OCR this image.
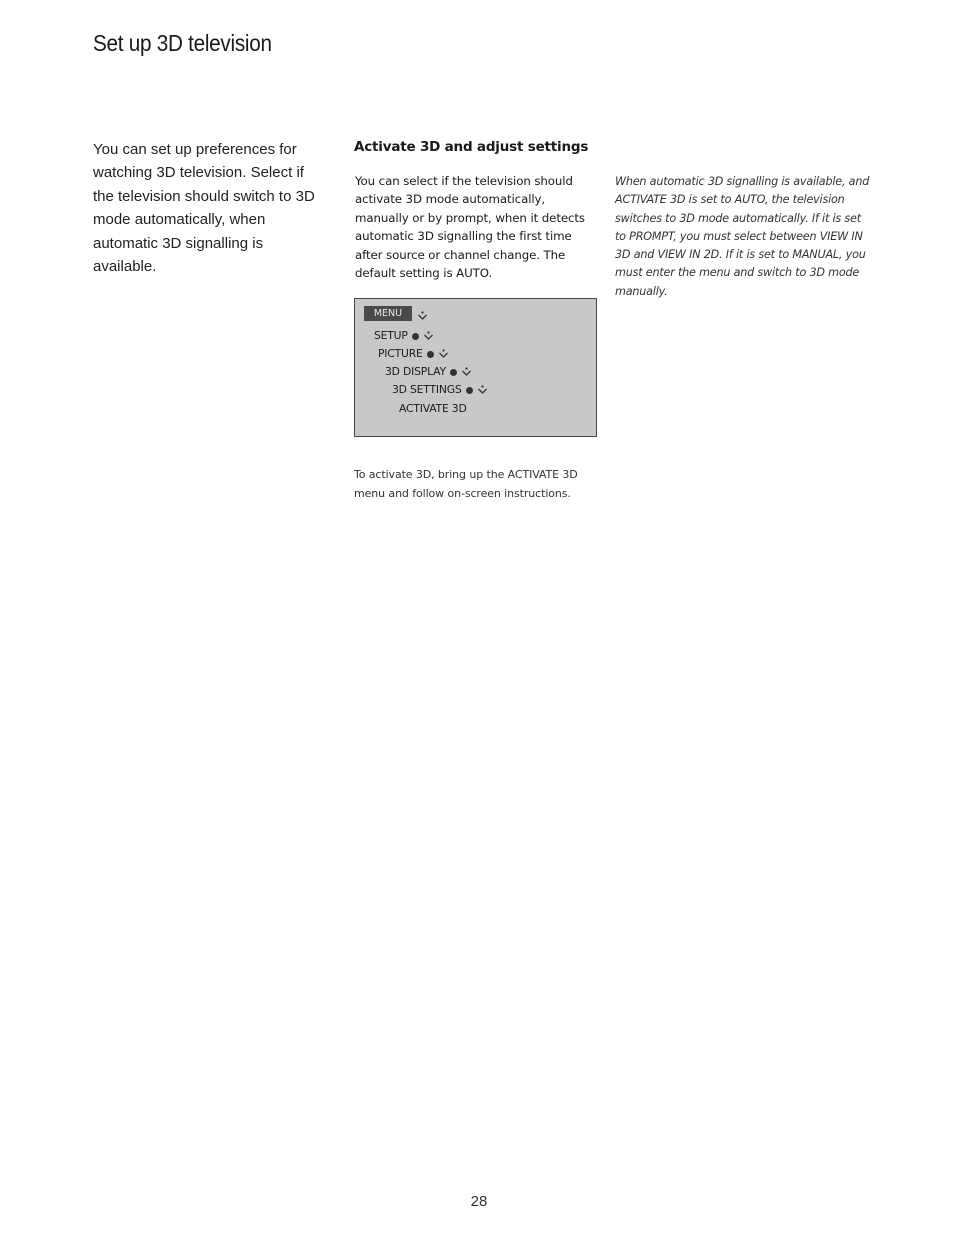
Set up 3D television

You can set up preferences for watching 3D television. Select if the television should switch to 3D mode automatically, when automatic 3D signalling is available.

Activate 3D and adjust settings

You can select if the television should activate 3D mode automatically, manually or by prompt, when it detects automatic 3D signalling the first time after source or channel change. The default setting is AUTO.

When automatic 3D signalling is available, and ACTIVATE 3D is set to AUTO, the television switches to 3D mode automatically. If it is set to PROMPT, you must select between VIEW IN 3D and VIEW IN 2D. If it is set to MANUAL, you must enter the menu and switch to 3D mode manually.

MENU
SETUP
PICTURE
3D DISPLAY
3D SETTINGS
ACTIVATE 3D

To activate 3D, bring up the ACTIVATE 3D menu and follow on-screen instructions.

28
